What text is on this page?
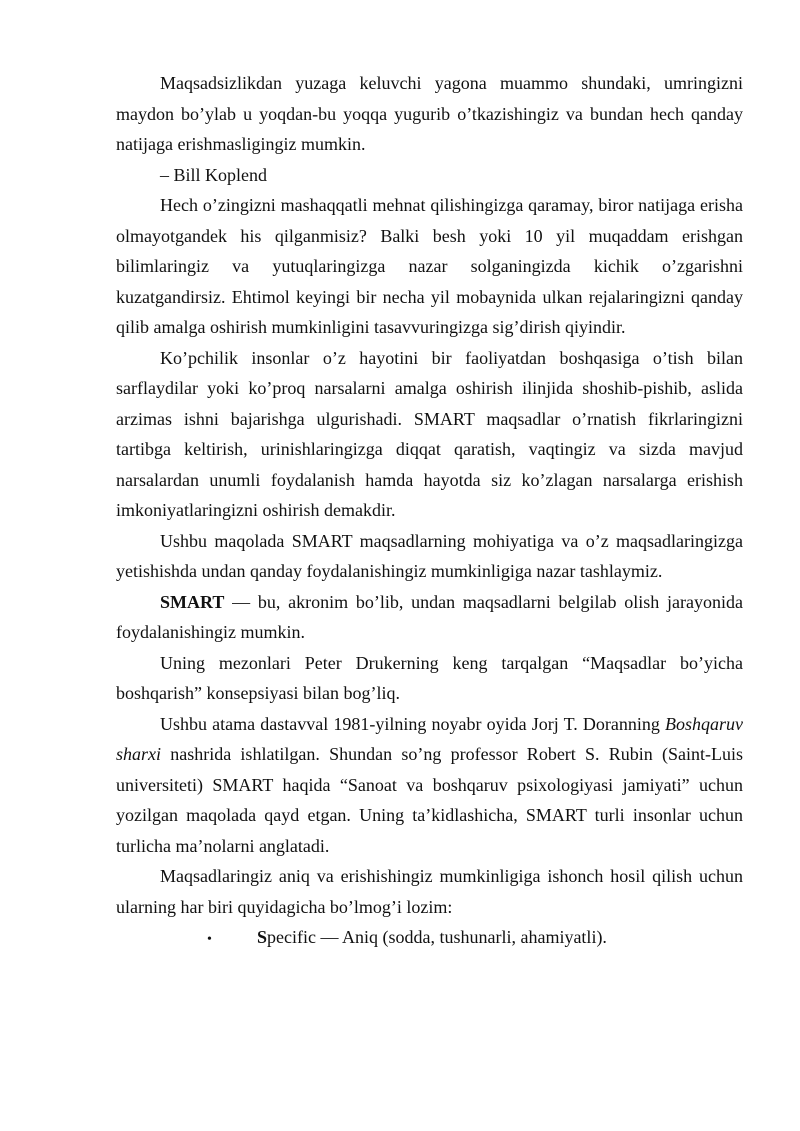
Maqsadsizlikdan yuzaga keluvchi yagona muammo shundaki, umringizni maydon bo’ylab u yoqdan-bu yoqqa yugurib o’tkazishingiz va bundan hech qanday natijaga erishmasligingiz mumkin.

– Bill Koplend

Hech o’zingizni mashaqqatli mehnat qilishingizga qaramay, biror natijaga erisha olmayotgandek his qilganmisiz? Balki besh yoki 10 yil muqaddam erishgan bilimlaringiz va yutuqlaringizga nazar solganingizda kichik o’zgarishni kuzatgandirsiz. Ehtimol keyingi bir necha yil mobaynida ulkan rejalaringizni qanday qilib amalga oshirish mumkinligini tasavvuringizga sig’dirish qiyindir.

Ko’pchilik insonlar o’z hayotini bir faoliyatdan boshqasiga o’tish bilan sarflaydilar yoki ko’proq narsalarni amalga oshirish ilinjida shoshib-pishib, aslida arzimas ishni bajarishga ulgurishadi. SMART maqsadlar o’rnatish fikrlaringizni tartibga keltirish, urinishlaringizga diqqat qaratish, vaqtingiz va sizda mavjud narsalardan unumli foydalanish hamda hayotda siz ko’zlagan narsalarga erishish imkoniyatlaringizni oshirish demakdir.

Ushbu maqolada SMART maqsadlarning mohiyatiga va o’z maqsadlaringizga yetishishda undan qanday foydalanishingiz mumkinligiga nazar tashlaymiz.

SMART — bu, akronim bo’lib, undan maqsadlarni belgilab olish jarayonida foydalanishingiz mumkin.

Uning mezonlari Peter Drukerning keng tarqalgan “Maqsadlar bo’yicha boshqarish” konsepsiyasi bilan bog’liq.

Ushbu atama dastavval 1981-yilning noyabr oyida Jorj T. Doranning Boshqaruv sharxi nashrida ishlatilgan. Shundan so’ng professor Robert S. Rubin (Saint-Luis universiteti) SMART haqida “Sanoat va boshqaruv psixologiyasi jamiyati” uchun yozilgan maqolada qayd etgan. Uning ta’kidlashicha, SMART turli insonlar uchun turlicha ma’nolarni anglatadi.

Maqsadlaringiz aniq va erishishingiz mumkinligiga ishonch hosil qilish uchun ularning har biri quyidagicha bo’lmog’i lozim:

•	Specific — Aniq (sodda, tushunarli, ahamiyatli).
